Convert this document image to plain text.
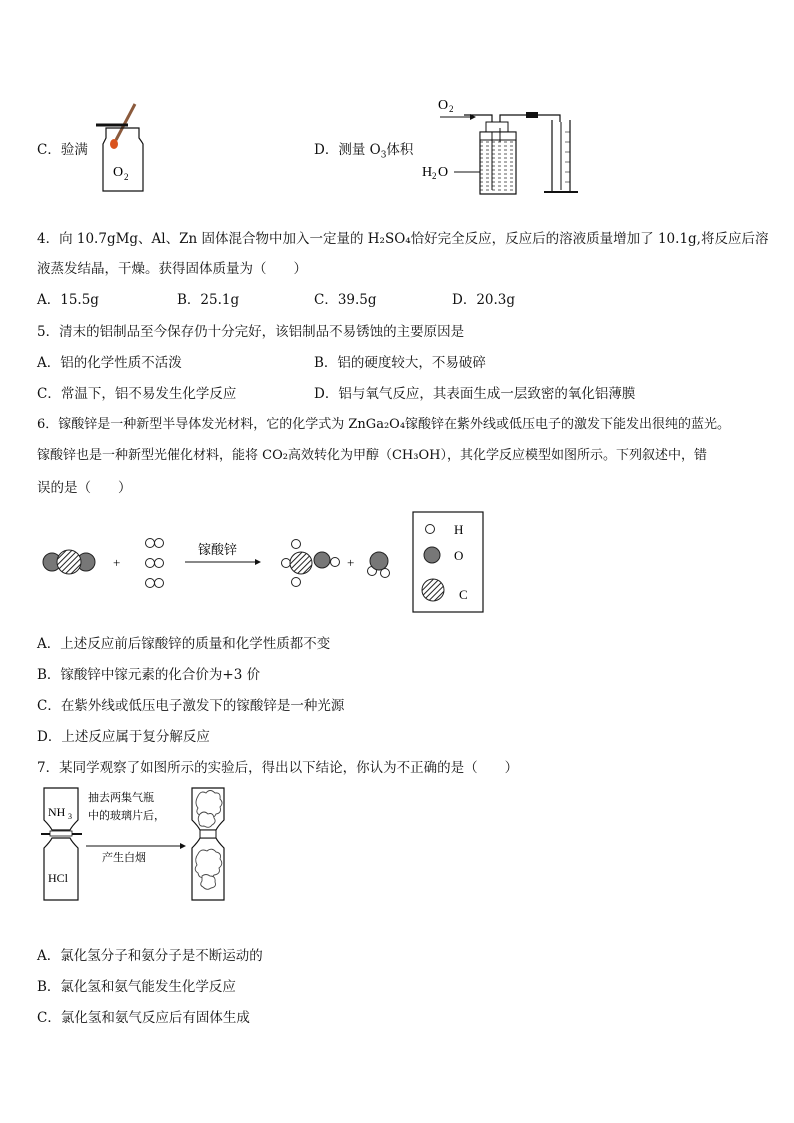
C．验满
O 2
D．测量 $O_3$体积
O 2
H 2 O
4．向 10.7gMg、Al、Zn 固体混合物中加入一定量的 H₂SO₄恰好完全反应，反应后的溶液质量增加了 10.1g,将反应后溶
液蒸发结晶，干燥。获得固体质量为（　　）
A．15.5g	B．25.1g	C．39.5g	D．20.3g
5．清末的铝制品至今保存仍十分完好，该铝制品不易锈蚀的主要原因是
A．铝的化学性质不活泼	B．铝的硬度较大，不易破碎
C．常温下，铝不易发生化学反应	D．铝与氧气反应，其表面生成一层致密的氧化铝薄膜
6．镓酸锌是一种新型半导体发光材料，它的化学式为 ZnGa₂O₄镓酸锌在紫外线或低压电子的激发下能发出很纯的蓝光。
镓酸锌也是一种新型光催化材料，能将 CO₂高效转化为甲醇（CH₃OH），其化学反应模型如图所示。下列叙述中，错
误的是（　　）
+
镓酸锌
+
H
O
C
A．上述反应前后镓酸锌的质量和化学性质都不变
B．镓酸锌中镓元素的化合价为+3 价
C．在紫外线或低压电子激发下的镓酸锌是一种光源
D．上述反应属于复分解反应
7．某同学观察了如图所示的实验后，得出以下结论，你认为不正确的是（　　）
NH 3
HCl
抽去两集气瓶
中的玻璃片后，
产生白烟
A．氯化氢分子和氨分子是不断运动的
B．氯化氢和氨气能发生化学反应
C．氯化氢和氨气反应后有固体生成
